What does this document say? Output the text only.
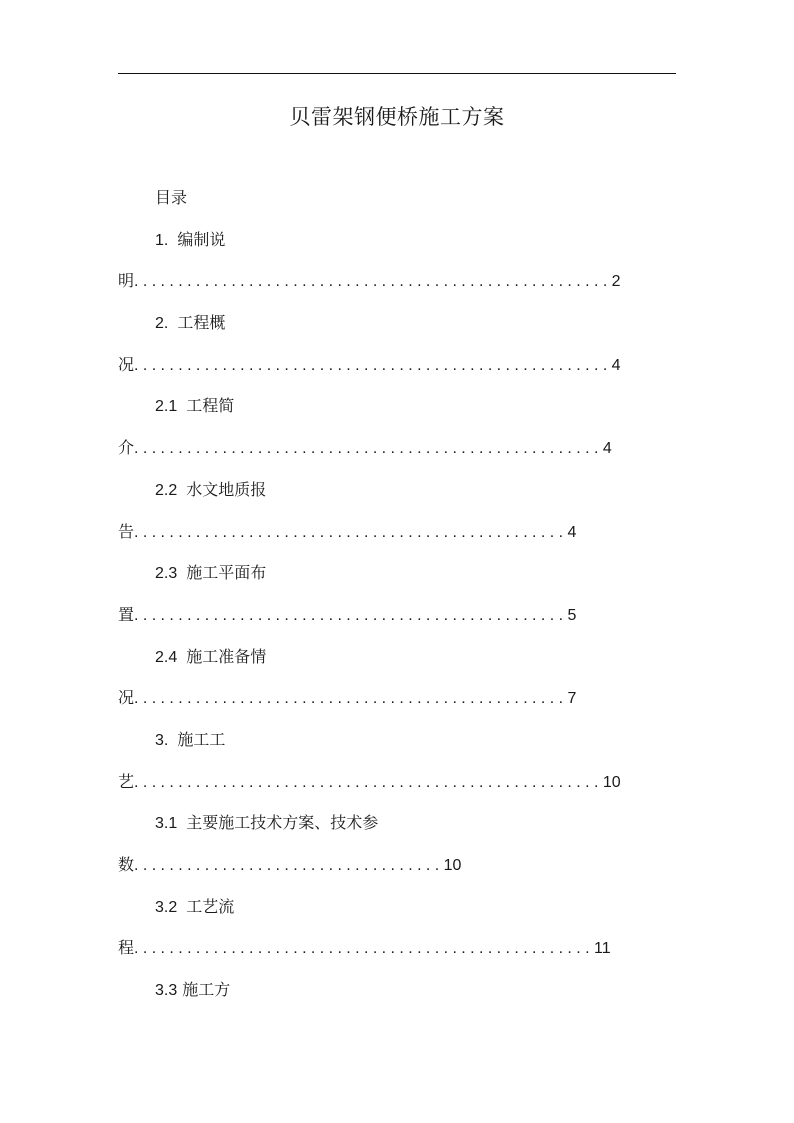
贝雷架钢便桥施工方案
目录
1. 编制说
明......................................................2
2. 工程概
况......................................................4
2.1 工程简
介.....................................................4
2.2 水文地质报
告.................................................4
2.3 施工平面布
置.................................................5
2.4 施工准备情
况.................................................7
3. 施工工
艺.....................................................10
3.1 主要施工技术方案、技术参
数...................................10
3.2 工艺流
程....................................................11
3.3 施工方
